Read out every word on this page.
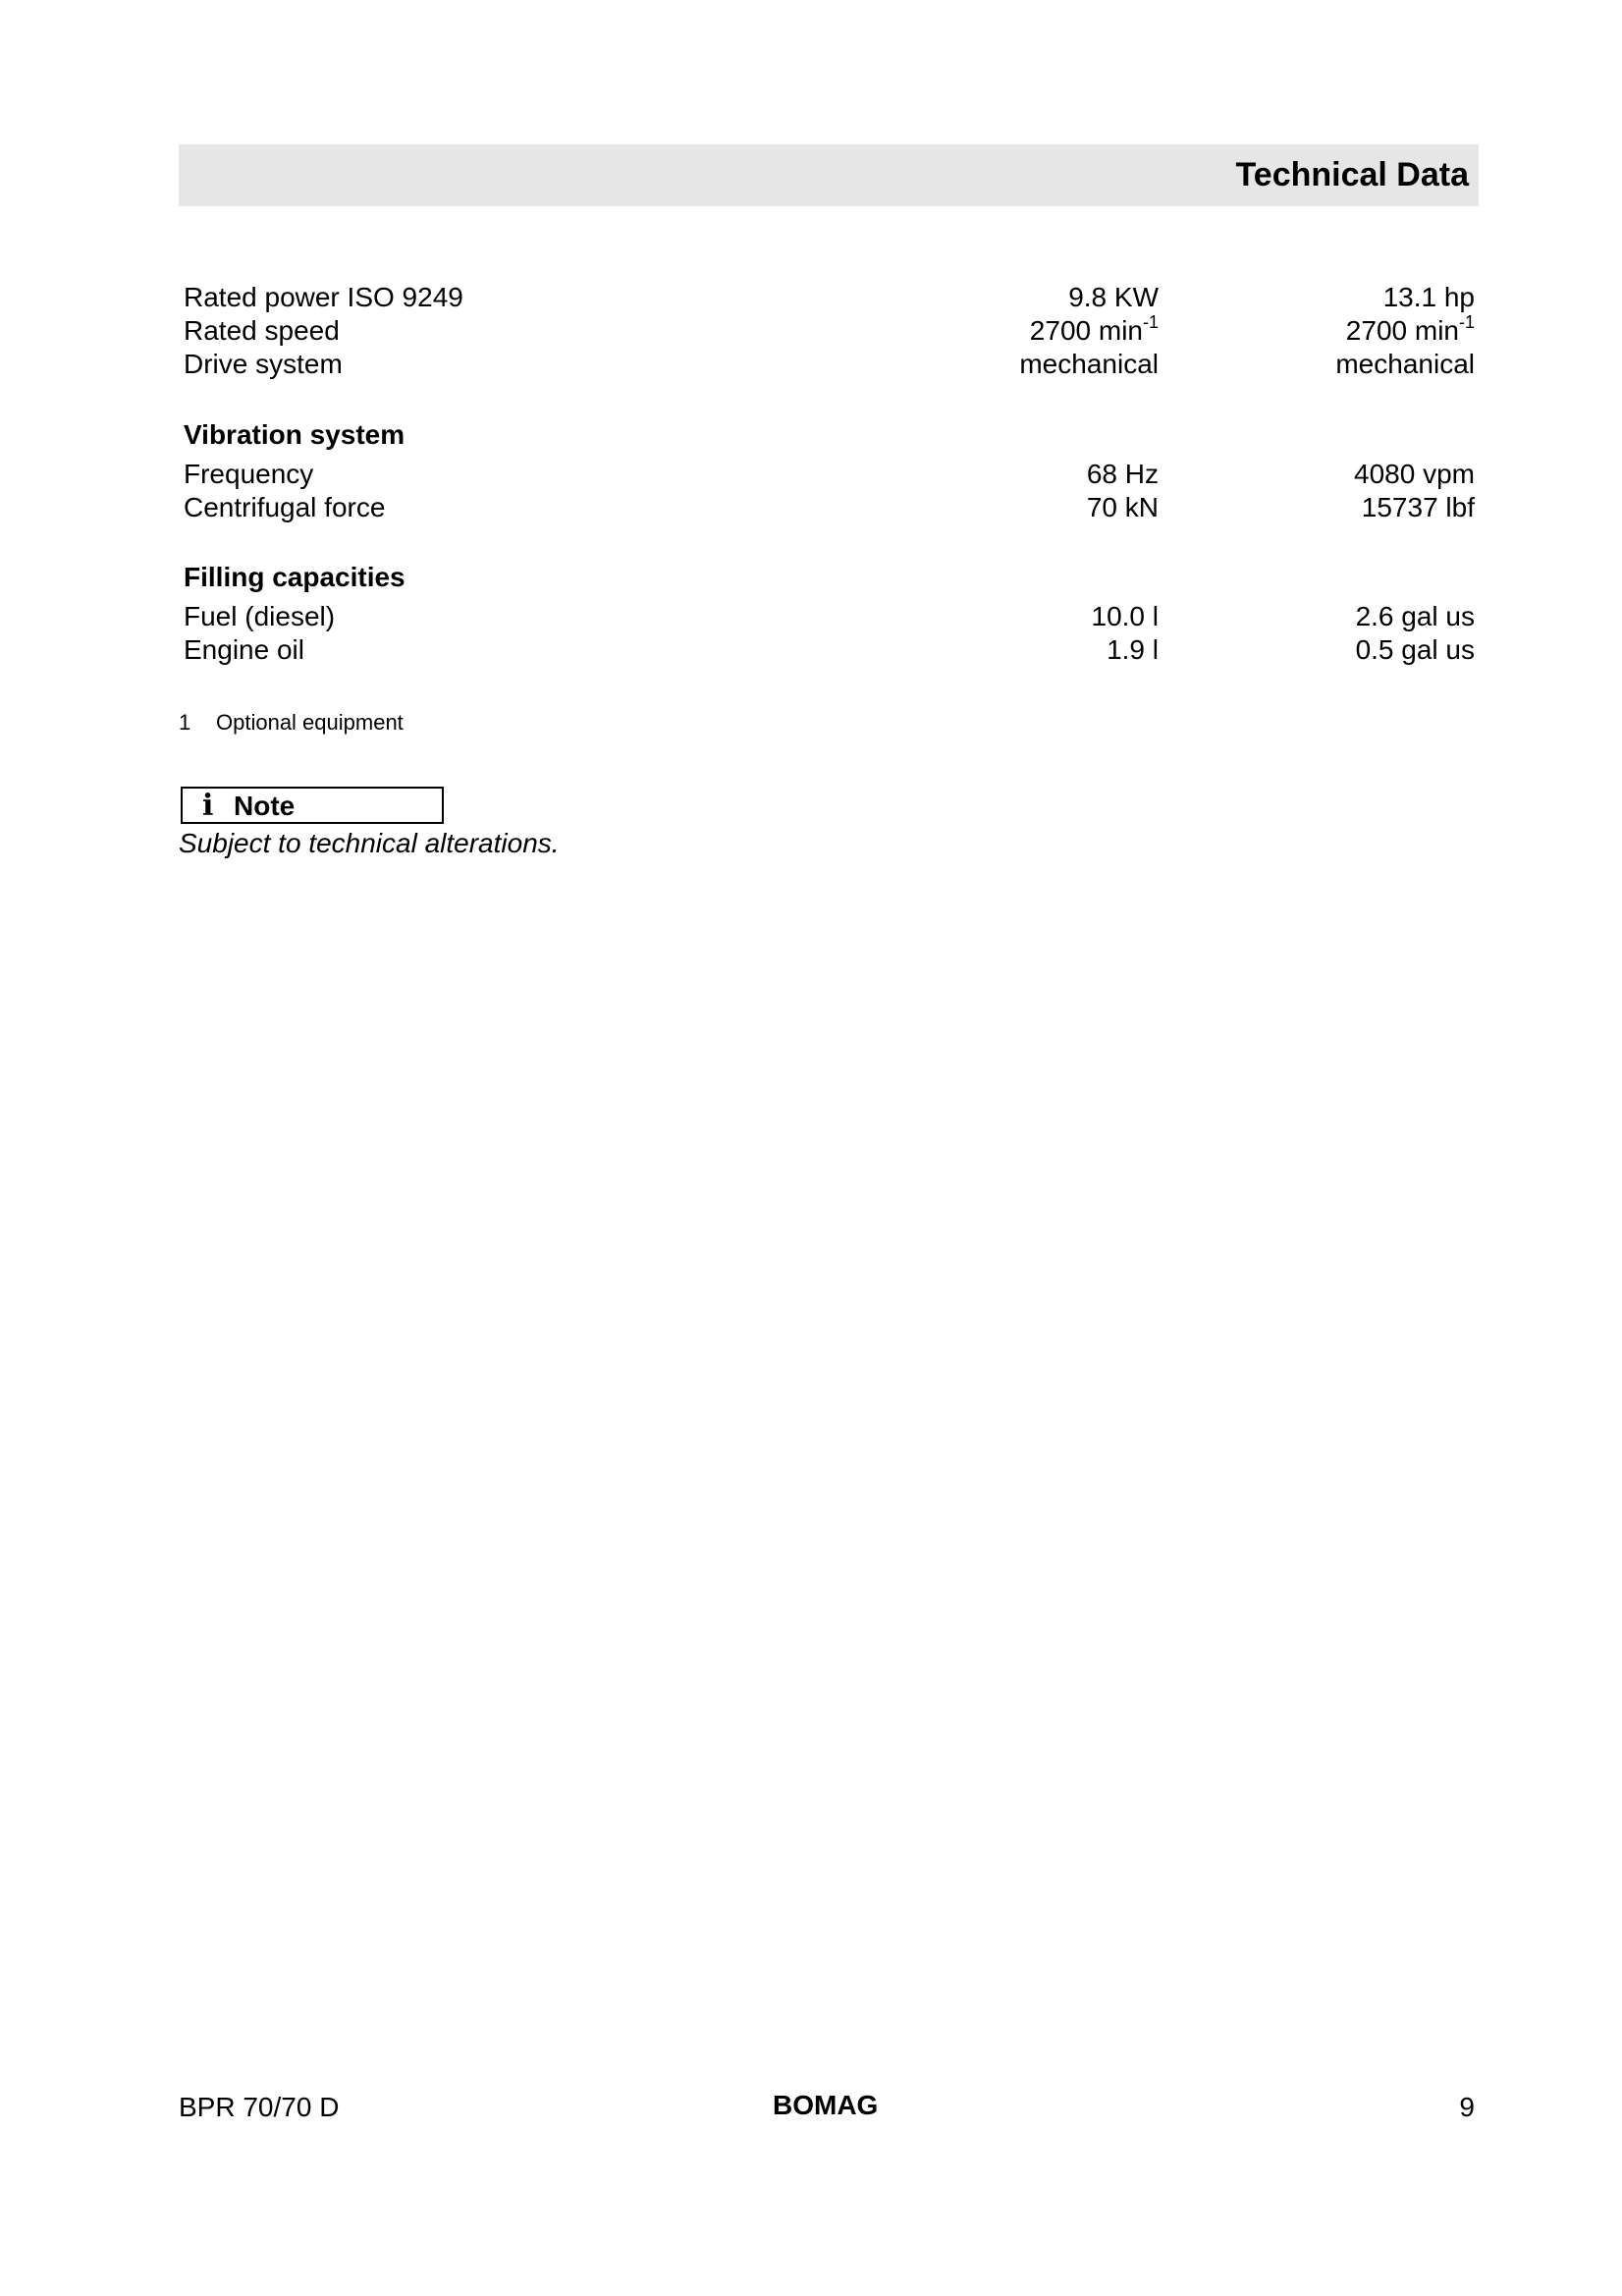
Technical Data
Rated power ISO 9249	9.8 KW	13.1 hp
Rated speed	2700 $\min^{-1}$	2700 $\min^{-1}$
Drive system	mechanical	mechanical
Vibration system
Frequency	68 Hz	4080 vpm
Centrifugal force	70 kN	15737 lbf
Filling capacities
Fuel (diesel)	10.0 l	2.6 gal us
Engine oil	1.9 l	0.5 gal us
1 Optional equipment
i Note
Subject to technical alterations.
BPR 70/70 D	BOMAG	9
